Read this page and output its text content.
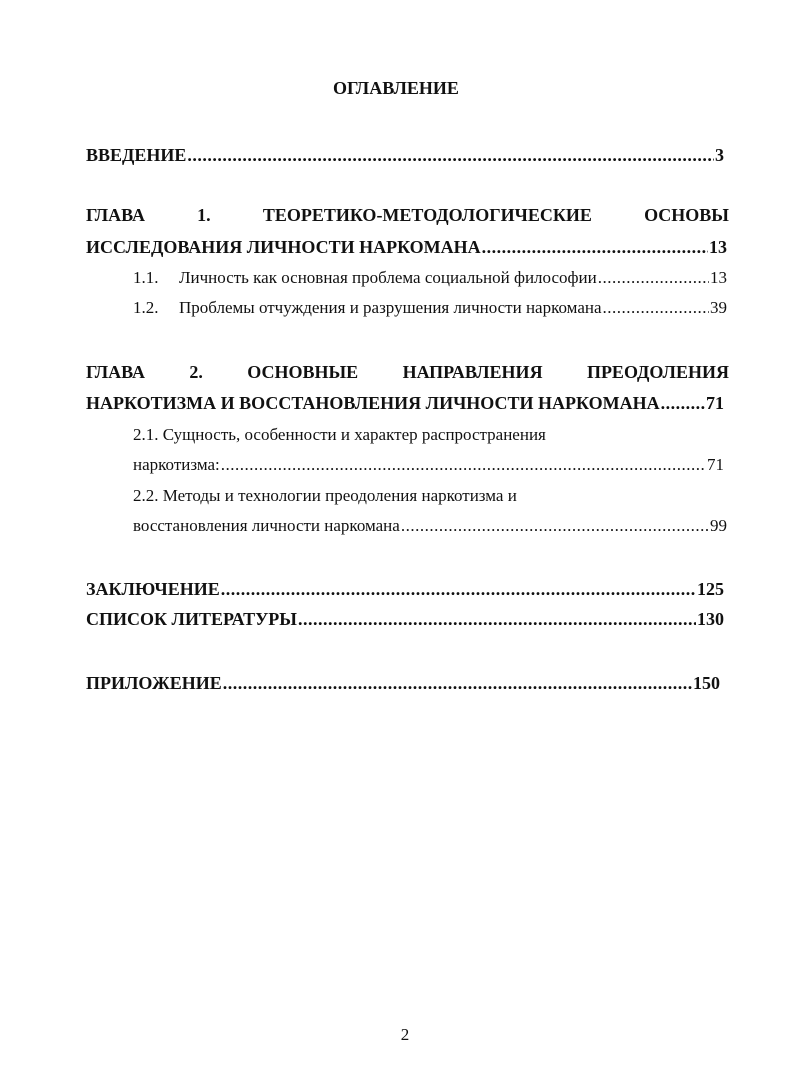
ОГЛАВЛЕНИЕ
ВВЕДЕНИЕ .....	3
ГЛАВА	1.	ТЕОРЕТИКО-МЕТОДОЛОГИЧЕСКИЕ	ОСНОВЫ
ИССЛЕДОВАНИЯ ЛИЧНОСТИ НАРКОМАНА .....	13
1.1.	Личность как основная проблема социальной философии .....	13
1.2.	Проблемы отчуждения и разрушения личности наркомана .....	39
ГЛАВА 2. ОСНОВНЫЕ НАПРАВЛЕНИЯ ПРЕОДОЛЕНИЯ
НАРКОТИЗМА И ВОССТАНОВЛЕНИЯ ЛИЧНОСТИ НАРКОМАНА .....	71
2.1. Сущность, особенности и характер распространения
наркотизма: .....	71
2.2. Методы и технологии преодоления наркотизма и
восстановления личности наркомана .....	99
ЗАКЛЮЧЕНИЕ .....	125
СПИСОК ЛИТЕРАТУРЫ .....	130
ПРИЛОЖЕНИЕ .....	150
2
